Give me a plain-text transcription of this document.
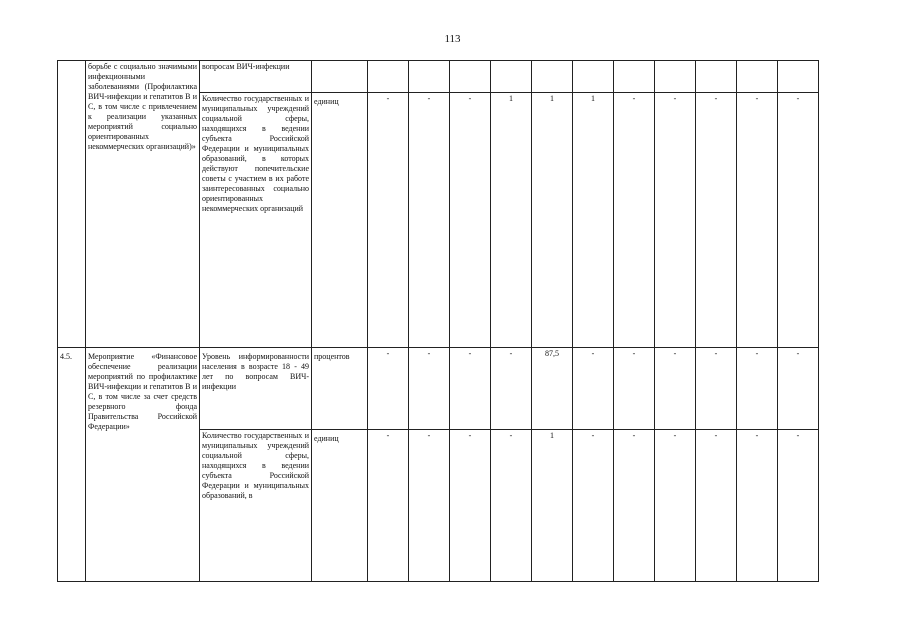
113
	борьбе с социально значимыми инфекционными заболеваниями (Профилактика ВИЧ-инфекции и гепатитов В и С, в том числе с привлечением к реализации указанных мероприятий социально ориентированных некоммерческих организаций)»	вопросам ВИЧ-инфекции												
		Количество государственных и муниципальных учреждений социальной сферы, находящихся в ведении субъекта Российской Федерации и муниципальных образований, в которых действуют попечительские советы с участием в их работе заинтересованных социально ориентированных некоммерческих организаций	единиц	-	-	-	1	1	1	-	-	-	-	-
4.5.	Мероприятие «Финансовое обеспечение реализации мероприятий по профилактике ВИЧ-инфекции и гепатитов В и С, в том числе за счет средств резервного фонда Правительства Российской Федерации»	Уровень информированности населения в возрасте 18 - 49 лет по вопросам ВИЧ-инфекции	процентов	-	-	-	-	87,5	-	-	-	-	-	-
		Количество государственных и муниципальных учреждений социальной сферы, находящихся в ведении субъекта Российской Федерации и муниципальных образований, в	единиц	-	-	-	-	1	-	-	-	-	-	-
